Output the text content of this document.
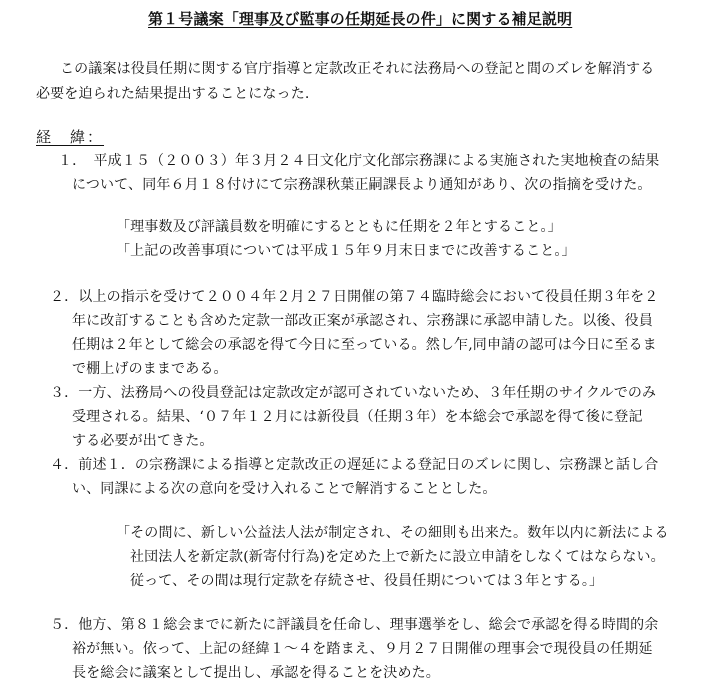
第１号議案「理事及び監事の任期延長の件」に関する補足説明
この議案は役員任期に関する官庁指導と定款改正それに法務局への登記と間のズレを解消する
必要を迫られた結果提出することになった.
経　緯：
１．　平成１５（２００３）年３月２４日文化庁文化部宗務課による実施された実地検査の結果
について、同年６月１８付けにて宗務課秋葉正嗣課長より通知があり、次の指摘を受けた。
「理事数及び評議員数を明確にするとともに任期を２年とすること。」
「上記の改善事項については平成１５年９月末日までに改善すること。」
２．以上の指示を受けて２００４年２月２７日開催の第７４臨時総会において役員任期３年を２
年に改訂することも含めた定款一部改正案が承認され、宗務課に承認申請した。以後、役員
任期は２年として総会の承認を得て今日に至っている。然し乍,同申請の認可は今日に至るま
で棚上げのままである。
３．一方、法務局への役員登記は定款改定が認可されていないため、３年任期のサイクルでのみ
受理される。結果、‘０７年１２月には新役員（任期３年）を本総会で承認を得て後に登記
する必要が出てきた。
４．前述１．の宗務課による指導と定款改正の遅延による登記日のズレに関し、宗務課と話し合
い、同課による次の意向を受け入れることで解消することとした。
「その間に、新しい公益法人法が制定され、その細則も出来た。数年以内に新法による
社団法人を新定款(新寄付行為)を定めた上で新たに設立申請をしなくてはならない。
従って、その間は現行定款を存続させ、役員任期については３年とする。」
５．他方、第８１総会までに新たに評議員を任命し、理事選挙をし、総会で承認を得る時間的余
裕が無い。依って、上記の経緯１～４を踏まえ、９月２７日開催の理事会で現役員の任期延
長を総会に議案として提出し、承認を得ることを決めた。
